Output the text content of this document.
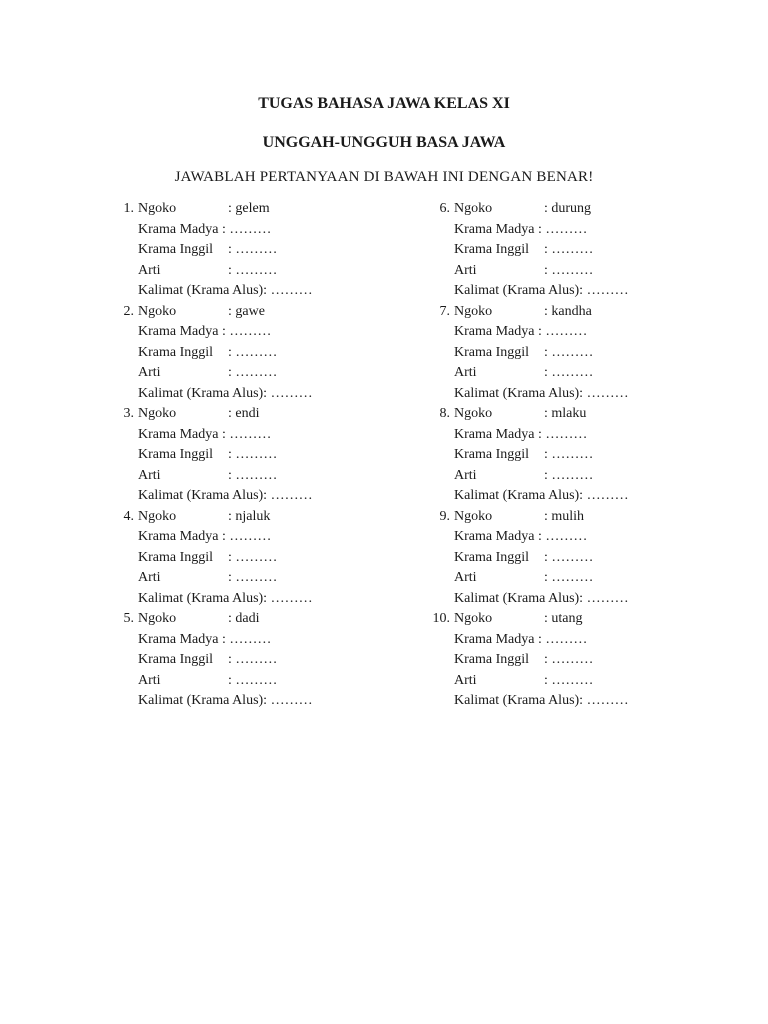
TUGAS BAHASA JAWA KELAS XI
UNGGAH-UNGGUH BASA JAWA

JAWABLAH PERTANYAAN DI BAWAH INI DENGAN BENAR!

1. Ngoko	: gelem
Krama Madya : ………
Krama Inggil : ………
Arti	: ………
Kalimat (Krama Alus): ………
2. Ngoko	: gawe
Krama Madya : ………
Krama Inggil : ………
Arti	: ………
Kalimat (Krama Alus): ………
3. Ngoko	: endi
Krama Madya : ………
Krama Inggil : ………
Arti	: ………
Kalimat (Krama Alus): ………
4. Ngoko	: njaluk
Krama Madya : ………
Krama Inggil : ………
Arti	: ………
Kalimat (Krama Alus): ………
5. Ngoko	: dadi
Krama Madya : ………
Krama Inggil : ………
Arti	: ………
Kalimat (Krama Alus): ………
6. Ngoko	: durung
Krama Madya : ………
Krama Inggil : ………
Arti	: ………
Kalimat (Krama Alus): ………
7. Ngoko	: kandha
Krama Madya : ………
Krama Inggil : ………
Arti	: ………
Kalimat (Krama Alus): ………
8. Ngoko	: mlaku
Krama Madya : ………
Krama Inggil : ………
Arti	: ………
Kalimat (Krama Alus): ………
9. Ngoko	: mulih
Krama Madya : ………
Krama Inggil : ………
Arti	: ………
Kalimat (Krama Alus): ………
10. Ngoko	: utang
Krama Madya : ………
Krama Inggil : ………
Arti	: ………
Kalimat (Krama Alus): ………
